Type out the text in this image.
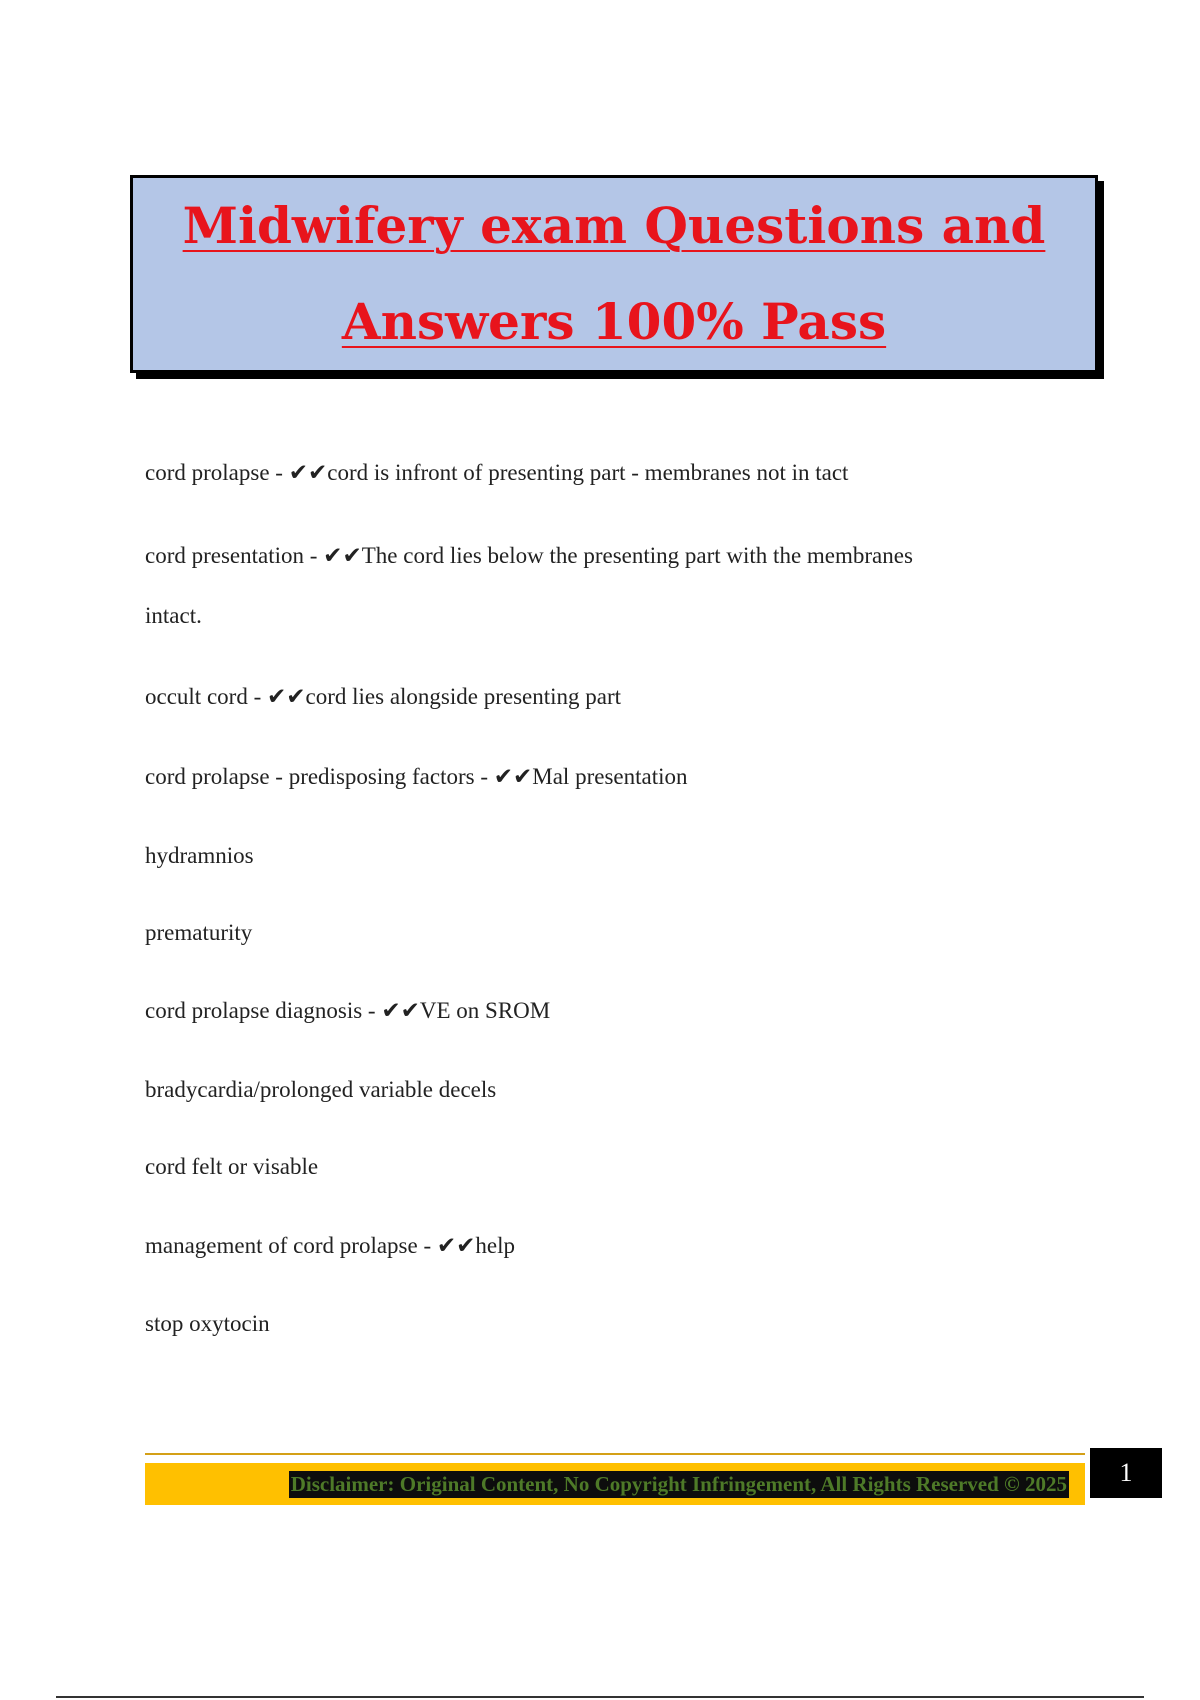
Midwifery exam Questions and
Answers 100% Pass
cord prolapse - ✔✔cord is infront of presenting part - membranes not in tact
cord presentation - ✔✔The cord lies below the presenting part with the membranes
intact.
occult cord - ✔✔cord lies alongside presenting part
cord prolapse - predisposing factors - ✔✔Mal presentation
hydramnios
prematurity
cord prolapse diagnosis - ✔✔VE on SROM
bradycardia/prolonged variable decels
cord felt or visable
management of cord prolapse - ✔✔help
stop oxytocin
Disclaimer: Original Content, No Copyright Infringement, All Rights Reserved © 2025	1
